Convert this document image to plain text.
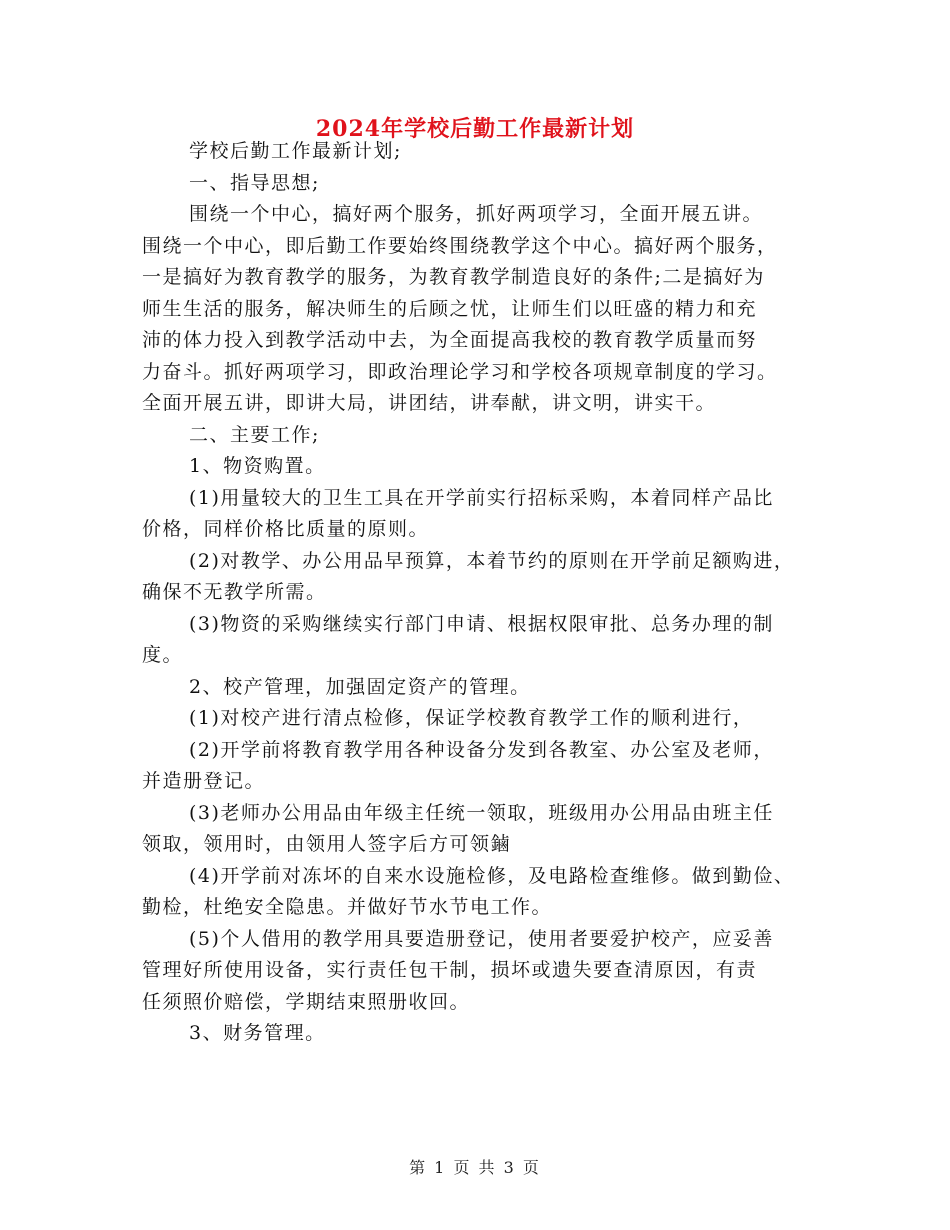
2024年学校后勤工作最新计划
学校后勤工作最新计划;
一、指导思想;
围绕一个中心，搞好两个服务，抓好两项学习，全面开展五讲。
围绕一个中心，即后勤工作要始终围绕教学这个中心。搞好两个服务，
一是搞好为教育教学的服务，为教育教学制造良好的条件;二是搞好为
师生生活的服务，解决师生的后顾之忧，让师生们以旺盛的精力和充
沛的体力投入到教学活动中去，为全面提高我校的教育教学质量而努
力奋斗。抓好两项学习，即政治理论学习和学校各项规章制度的学习。
全面开展五讲，即讲大局，讲团结，讲奉献，讲文明，讲实干。
二、主要工作;
1、物资购置。
(1)用量较大的卫生工具在开学前实行招标采购，本着同样产品比
价格，同样价格比质量的原则。
(2)对教学、办公用品早预算，本着节约的原则在开学前足额购进，
确保不无教学所需。
(3)物资的采购继续实行部门申请、根据权限审批、总务办理的制
度。
2、校产管理，加强固定资产的管理。
(1)对校产进行清点检修，保证学校教育教学工作的顺利进行，
(2)开学前将教育教学用各种设备分发到各教室、办公室及老师，
并造册登记。
(3)老师办公用品由年级主任统一领取，班级用办公用品由班主任
领取，领用时，由领用人签字后方可领鏀
(4)开学前对冻坏的自来水设施检修，及电路检查维修。做到勤俭、
勤检，杜绝安全隐患。并做好节水节电工作。
(5)个人借用的教学用具要造册登记，使用者要爱护校产，应妥善
管理好所使用设备，实行责任包干制，损坏或遗失要查清原因，有责
任须照价赔偿，学期结束照册收回。
3、财务管理。
第 1 页 共 3 页
